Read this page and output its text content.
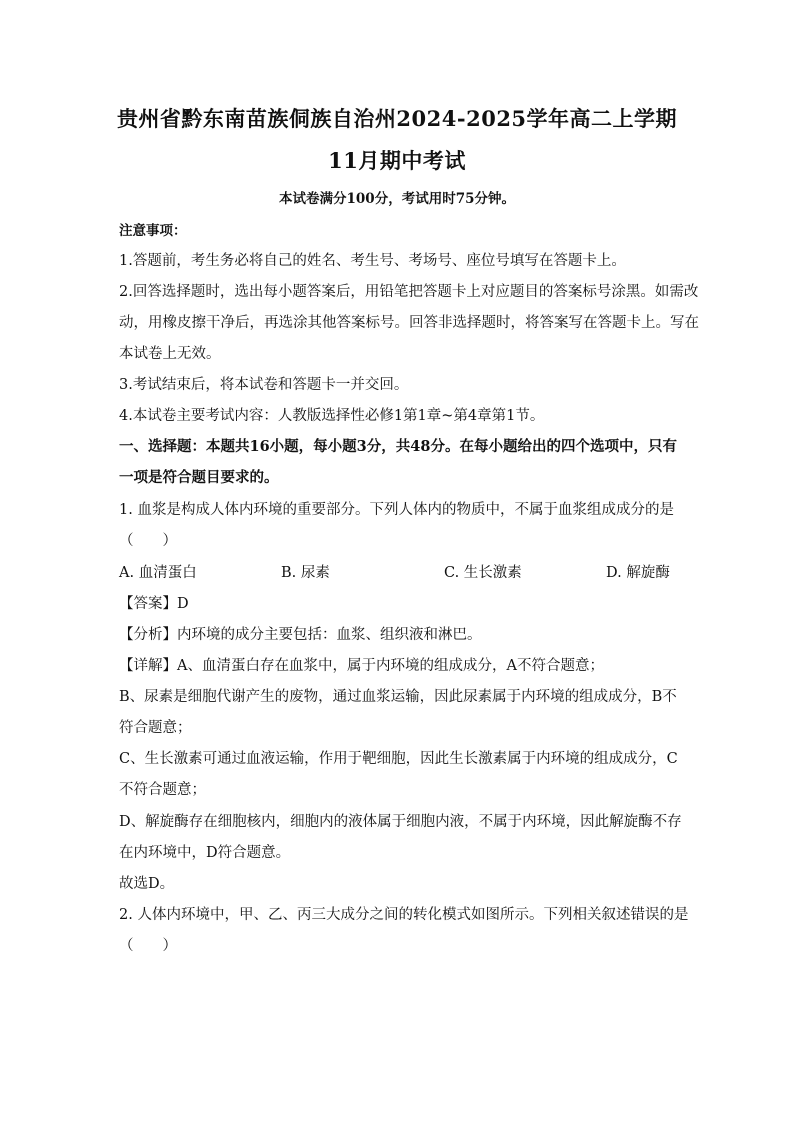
贵州省黔东南苗族侗族自治州2024-2025学年高二上学期
11月期中考试
本试卷满分100分，考试用时75分钟。
注意事项：
1.答题前，考生务必将自己的姓名、考生号、考场号、座位号填写在答题卡上。
2.回答选择题时，选出每小题答案后，用铅笔把答题卡上对应题目的答案标号涂黑。如需改
动，用橡皮擦干净后，再选涂其他答案标号。回答非选择题时，将答案写在答题卡上。写在
本试卷上无效。
3.考试结束后，将本试卷和答题卡一并交回。
4.本试卷主要考试内容：人教版选择性必修1第1章~第4章第1节。
一、选择题：本题共16小题，每小题3分，共48分。在每小题给出的四个选项中，只有
一项是符合题目要求的。
1. 血浆是构成人体内环境的重要部分。下列人体内的物质中，不属于血浆组成成分的是
（　　）
A. 血清蛋白	B. 尿素	C. 生长激素	D. 解旋酶
【答案】D
【分析】内环境的成分主要包括：血浆、组织液和淋巴。
【详解】A、血清蛋白存在血浆中，属于内环境的组成成分，A不符合题意；
B、尿素是细胞代谢产生的废物，通过血浆运输，因此尿素属于内环境的组成成分，B不
符合题意；
C、生长激素可通过血液运输，作用于靶细胞，因此生长激素属于内环境的组成成分，C
不符合题意；
D、解旋酶存在细胞核内，细胞内的液体属于细胞内液，不属于内环境，因此解旋酶不存
在内环境中，D符合题意。
故选D。
2. 人体内环境中，甲、乙、丙三大成分之间的转化模式如图所示。下列相关叙述错误的是
（　　）
